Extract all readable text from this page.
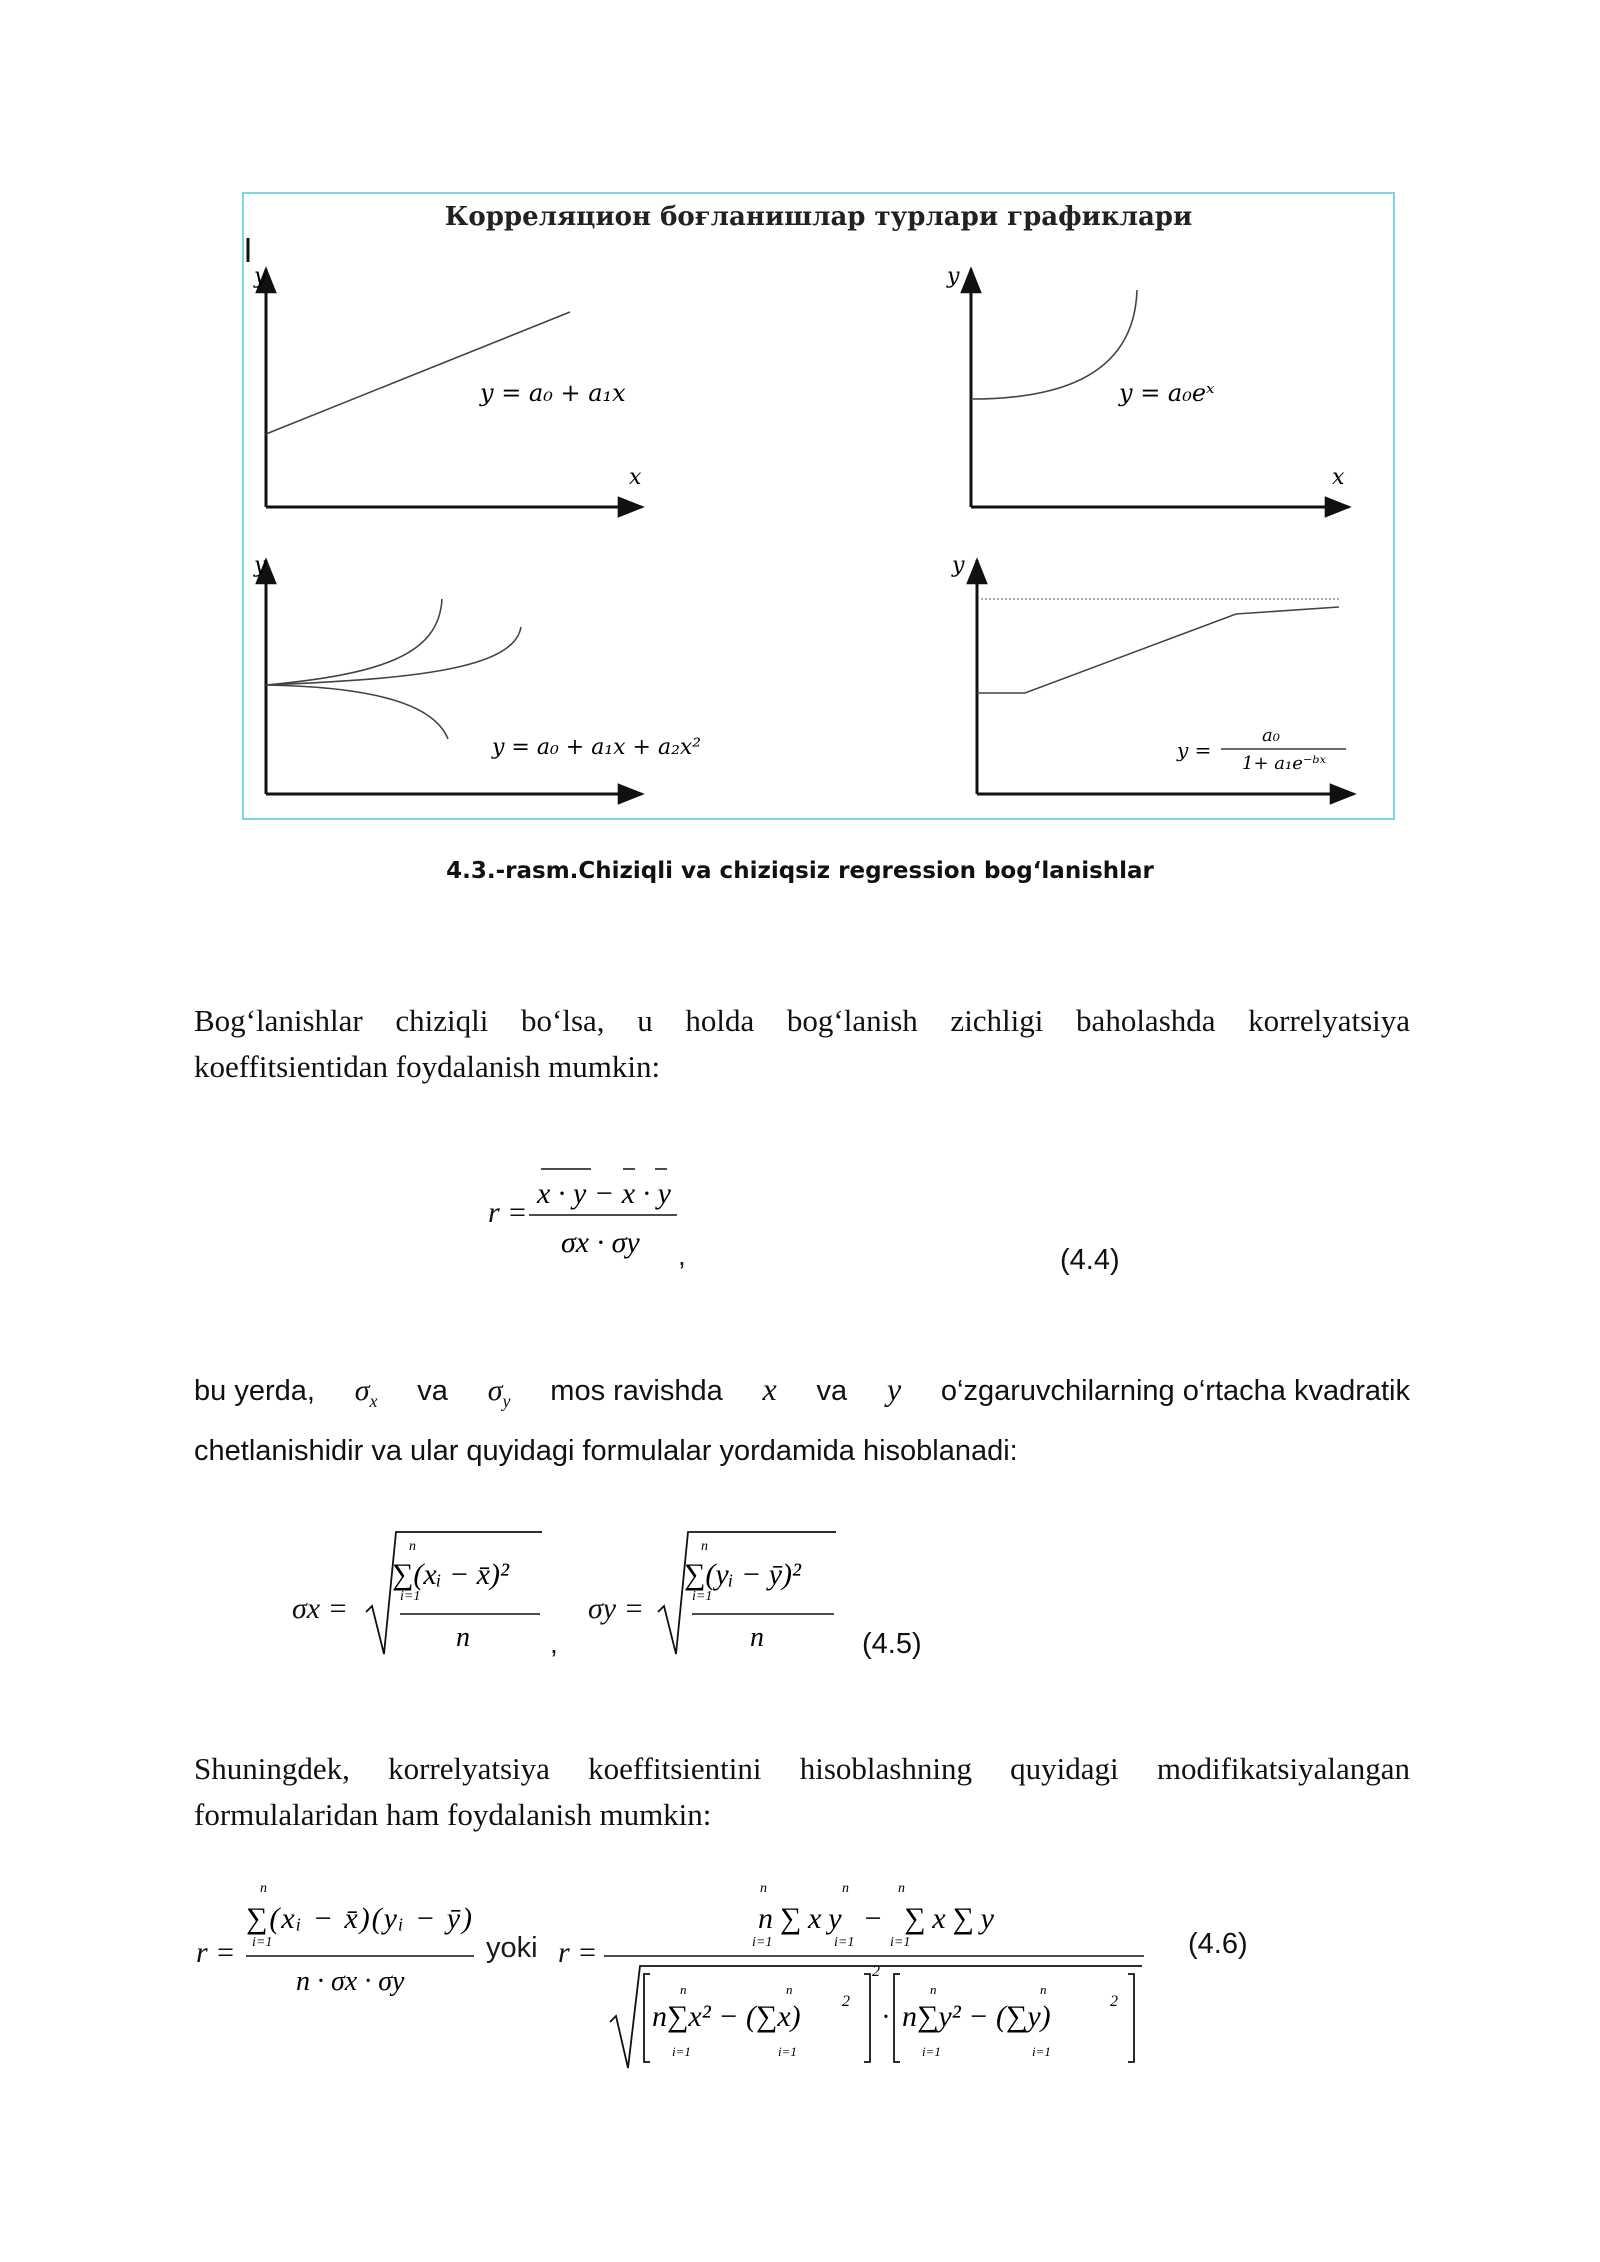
Корреляцион боғланишлар турлари графиклари
y
x
y
x
y	y
y = a₀ + a₁x	y = a₀eˣ
y = a₀ + a₁x + a₂x²	y =
a₀
1+ a₁e⁻ᵇˣ
4.3.-rasm.Chiziqli va chiziqsiz regression bog‘lanishlar
Bog‘lanishlar chiziqli bo‘lsa, u holda bog‘lanish zichligi baholashda korrelyatsiya
koeffitsientidan foydalanish mumkin:
r =
x · y − x · y
σx · σy ,	(4.4)
bu yerda, $\sigma_x$ va $\sigma_y$ mos ravishda x va y o‘zgaruvchilarning o‘rtacha kvadratik
chetlanishidir va ular quyidagi formulalar yordamida hisoblanadi:
σx =
n
i=1
∑(xᵢ − x̄)²
n	,
σy =
n
i=1
∑(yᵢ − ȳ)²
n	(4.5)
Shuningdek, korrelyatsiya koeffitsientini hisoblashning quyidagi modifikatsiyalangan
formulalaridan ham foydalanish mumkin:
r =
n
i=1
∑(xᵢ − x̄)(yᵢ − ȳ)
n · σx · σy
yoki r =
n
i=1
n
i=1
n
i=1
n∑xy − ∑x∑y
2
n∑x² − (∑x)
n
i=1
n
i=1
2
· n∑y² − (∑y)
n
i=1
n
i=1
2
(4.6)
